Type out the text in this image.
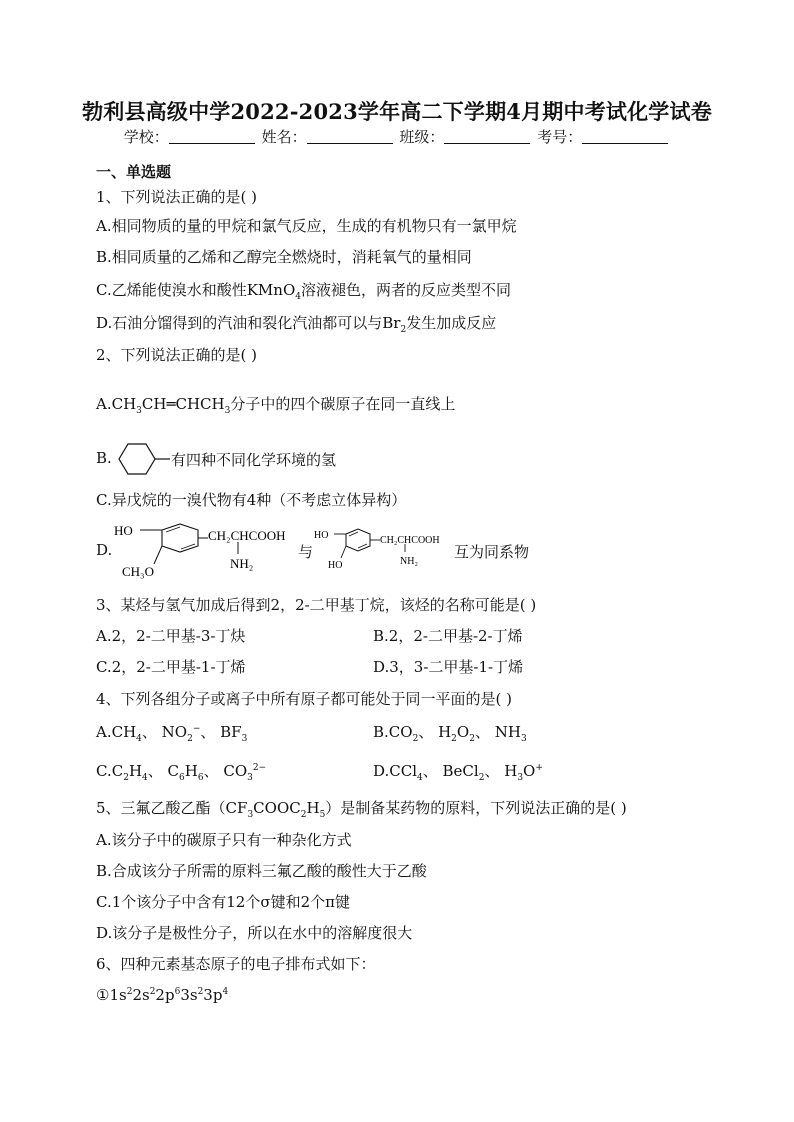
勃利县高级中学2022-2023学年高二下学期4月期中考试化学试卷
学校：	姓名：	班级：	考号：
一、单选题
1、下列说法正确的是( )
A.相同物质的量的甲烷和氯气反应，生成的有机物只有一氯甲烷
B.相同质量的乙烯和乙醇完全燃烧时，消耗氧气的量相同
C.乙烯能使溴水和酸性KMnO$_4$溶液褪色，两者的反应类型不同
D.石油分馏得到的汽油和裂化汽油都可以与$Br_2$发生加成反应
2、下列说法正确的是( )
$A.CH_3CH═CHCH_3$分子中的四个碳原子在同一直线上
B.	有四种不同化学环境的氢
C.异戊烷的一溴代物有4种（不考虑立体异构）
D.
HO	CH₂CHCOOH
NH₂
CH₃O
与
HO	CH₂CHCOOH
NH₂
HO
互为同系物
3、某烃与氢气加成后得到2，2-二甲基丁烷，该烃的名称可能是( )
A.2，2-二甲基-3-丁炔	B.2，2-二甲基-2-丁烯
C.2，2-二甲基-1-丁烯	D.3，3-二甲基-1-丁烯
4、下列各组分子或离子中所有原子都可能处于同一平面的是( )
$A.CH_4$、 $NO_2^-$、 $BF_3$	$B.CO_2$、 $H_2O_2$、 $NH_3$
$C.C_2H_4$、 $C_6H_6$、 $CO_3^{2-}$	D.CCl$_4$、 BeCl$_2$、 $H_3O^+$
5、三氟乙酸乙酯$(CF_3COOC_2H_5)$是制备某药物的原料，下列说法正确的是( )
A.该分子中的碳原子只有一种杂化方式
B.合成该分子所需的原料三氟乙酸的酸性大于乙酸
C.1个该分子中含有12个σ键和2个π键
D.该分子是极性分子，所以在水中的溶解度很大
6、四种元素基态原子的电子排布式如下：
$①1s^22s^22p^63s^23p^4$
